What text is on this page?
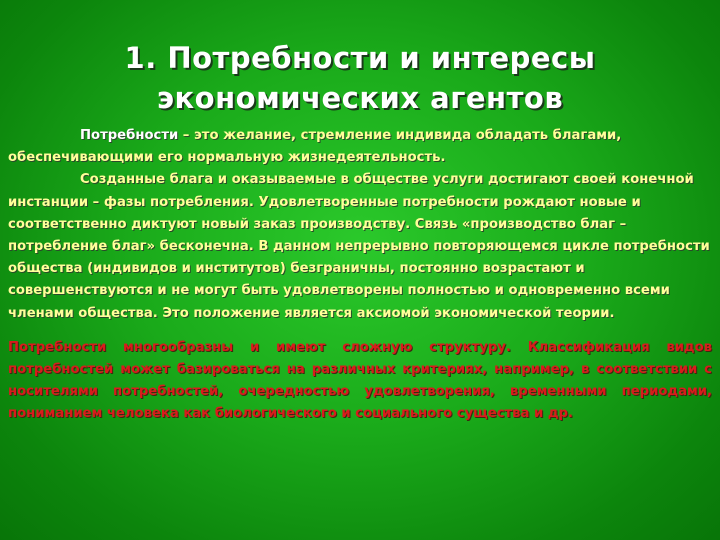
1. Потребности и интересы
экономических агентов

Потребности – это желание, стремление индивида обладать благами, обеспечивающими его нормальную жизнедеятельность.

Созданные блага и оказываемые в обществе услуги достигают своей конечной инстанции – фазы потребления. Удовлетворенные потребности рождают новые и соответственно диктуют новый заказ производству. Связь «производство благ – потребление благ» бесконечна. В данном непрерывно повторяющемся цикле потребности общества (индивидов и институтов) безграничны, постоянно возрастают и совершенствуются и не могут быть удовлетворены полностью и одновременно всеми членами общества. Это положение является аксиомой экономической теории.

Потребности многообразны и имеют сложную структуру. Классификация видов потребностей может базироваться на различных критериях, например, в соответствии с носителями потребностей, очередностью удовлетворения, временными периодами, пониманием человека как биологического и социального существа и др.
